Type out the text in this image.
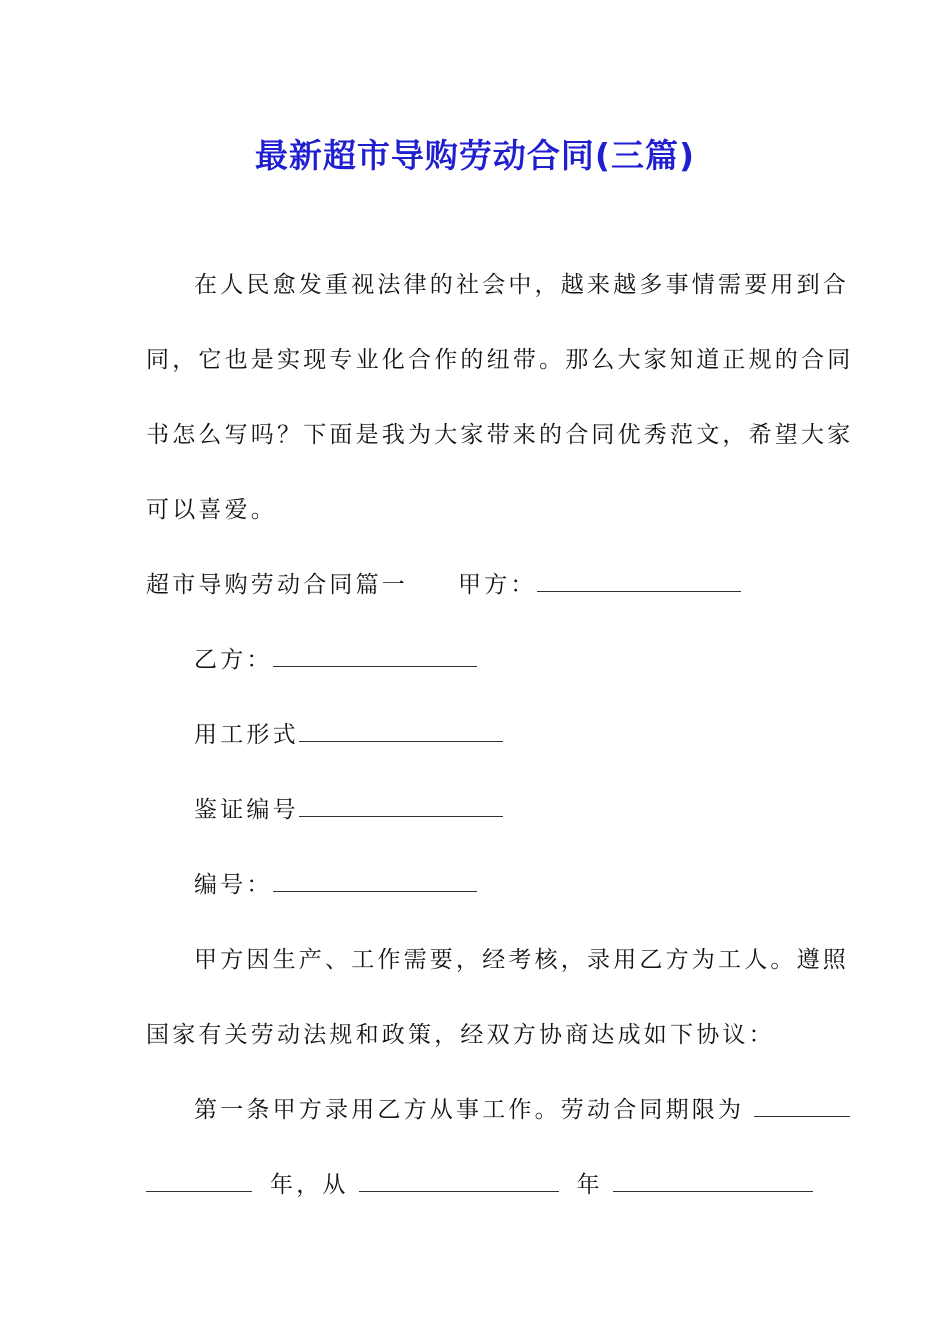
最新超市导购劳动合同(三篇)
在人民愈发重视法律的社会中，越来越多事情需要用到合
同，它也是实现专业化合作的纽带。那么大家知道正规的合同
书怎么写吗？下面是我为大家带来的合同优秀范文，希望大家
可以喜爱。
超市导购劳动合同篇一 甲方：
乙方：
用工形式
鉴证编号
编号：
甲方因生产、工作需要，经考核，录用乙方为工人。遵照
国家有关劳动法规和政策，经双方协商达成如下协议：
第一条甲方录用乙方从事工作。劳动合同期限为
年，从	年
